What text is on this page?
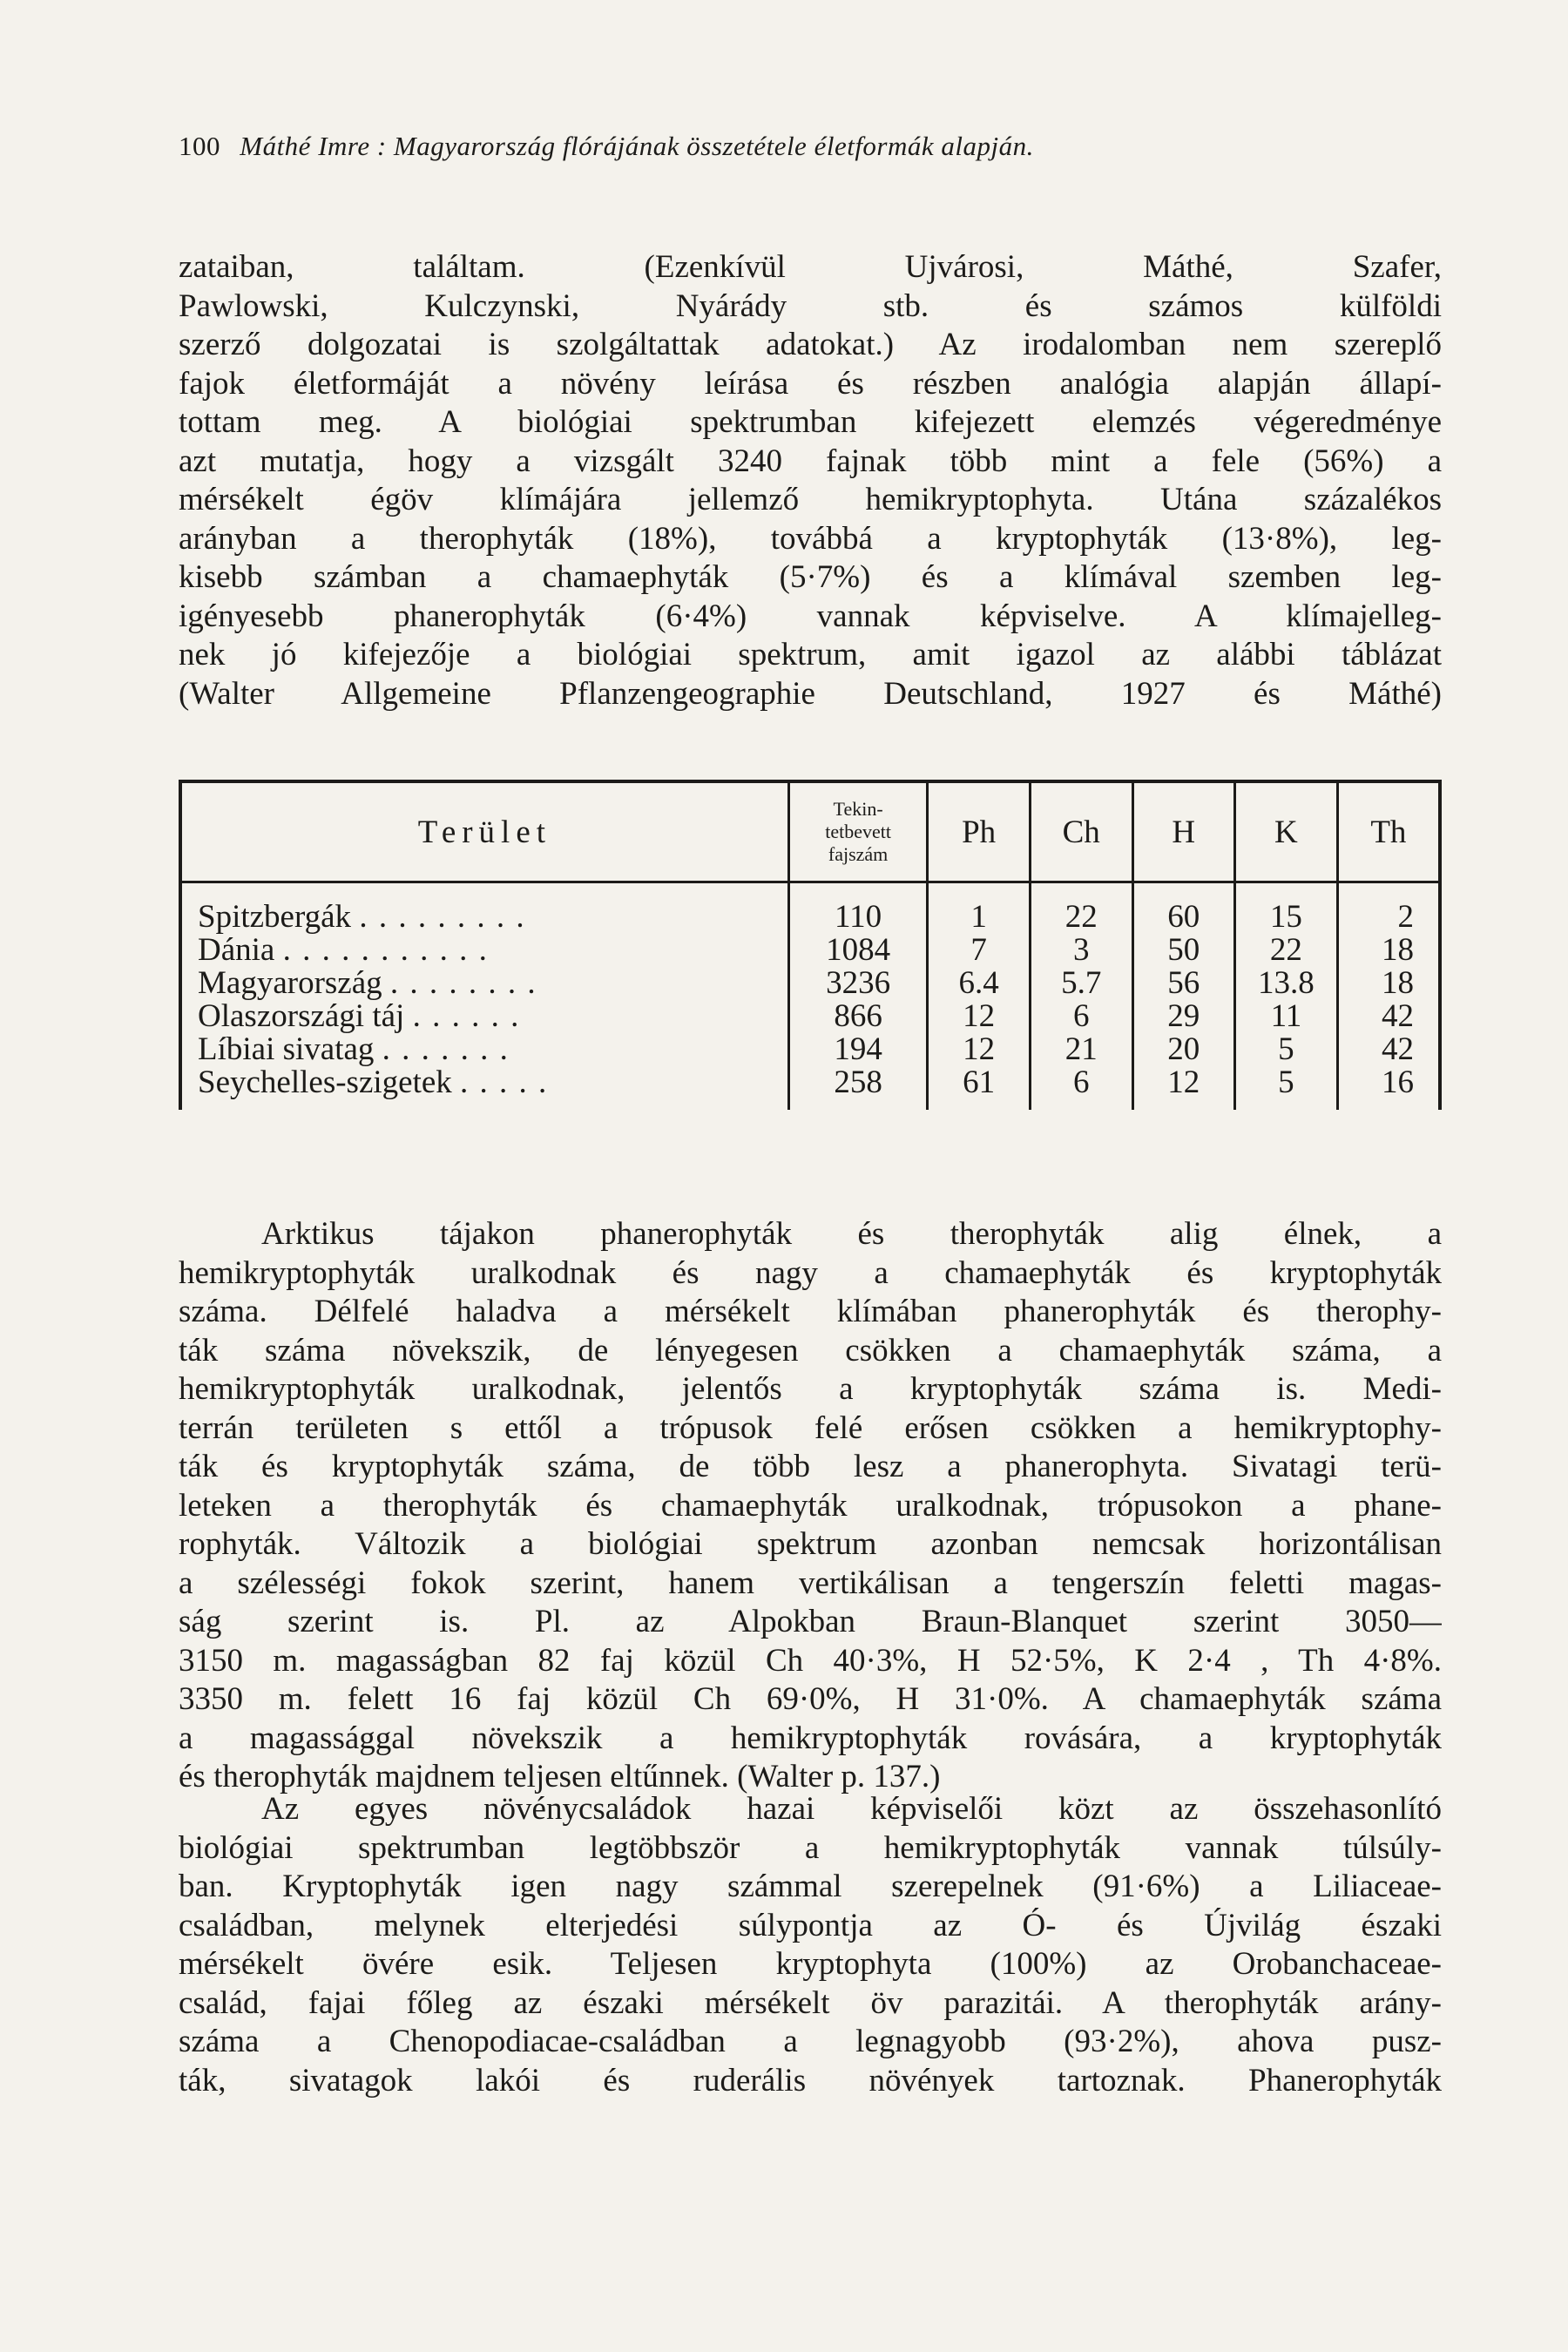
100 Máthé Imre : Magyarország flórájának összetétele életformák alapján.
zataiban, találtam. (Ezenkívül Ujvárosi, Máthé, Szafer,
Pawlowski, Kulczynski, Nyárády stb. és számos külföldi
szerző dolgozatai is szolgáltattak adatokat.) Az irodalomban nem szereplő
fajok életformáját a növény leírása és részben analógia alapján állapí-
tottam meg. A biológiai spektrumban kifejezett elemzés végeredménye
azt mutatja, hogy a vizsgált 3240 fajnak több mint a fele (56%) a
mérsékelt égöv klímájára jellemző hemikryptophyta. Utána százalékos
arányban a therophyták (18%), továbbá a kryptophyták (13·8%), leg-
kisebb számban a chamaephyták (5·7%) és a klímával szemben leg-
igényesebb phanerophyták (6·4%) vannak képviselve. A klímajelleg-
nek jó kifejezője a biológiai spektrum, amit igazol az alábbi táblázat
(Walter Allgemeine Pflanzengeographie Deutschland, 1927 és Máthé)
Terület	Tekin-
tetbevett
fajszám	Ph	Ch	H	K	Th
Spitzbergák . . . . . . . . .	110	1	22	60	15	2
Dánia . . . . . . . . . . .	1084	7	3	50	22	18
Magyarország . . . . . . . .	3236	6.4	5.7	56	13.8	18
Olaszországi táj . . . . . .	866	12	6	29	11	42
Líbiai sivatag . . . . . . .	194	12	21	20	5	42
Seychelles-szigetek . . . . .	258	61	6	12	5	16
Arktikus tájakon phanerophyták és therophyták alig élnek, a
hemikryptophyták uralkodnak és nagy a chamaephyták és kryptophyták
száma. Délfelé haladva a mérsékelt klímában phanerophyták és therophy-
ták száma növekszik, de lényegesen csökken a chamaephyták száma, a
hemikryptophyták uralkodnak, jelentős a kryptophyták száma is. Medi-
terrán területen s ettől a trópusok felé erősen csökken a hemikryptophy-
ták és kryptophyták száma, de több lesz a phanerophyta. Sivatagi terü-
leteken a therophyták és chamaephyták uralkodnak, trópusokon a phane-
rophyták. Változik a biológiai spektrum azonban nemcsak horizontálisan
a szélességi fokok szerint, hanem vertikálisan a tengerszín feletti magas-
ság szerint is. Pl. az Alpokban Braun-Blanquet szerint 3050—
3150 m. magasságban 82 faj közül Ch 40·3%, H 52·5%, K 2·4 , Th 4·8%.
3350 m. felett 16 faj közül Ch 69·0%, H 31·0%. A chamaephyták száma
a magassággal növekszik a hemikryptophyták rovására, a kryptophyták
és therophyták majdnem teljesen eltűnnek. (Walter p. 137.)
Az egyes növénycsaládok hazai képviselői közt az összehasonlító
biológiai spektrumban legtöbbször a hemikryptophyták vannak túlsúly-
ban. Kryptophyták igen nagy számmal szerepelnek (91·6%) a Liliaceae-
családban, melynek elterjedési súlypontja az Ó- és Újvilág északi
mérsékelt övére esik. Teljesen kryptophyta (100%) az Orobanchaceae-
család, fajai főleg az északi mérsékelt öv parazitái. A therophyták arány-
száma a Chenopodiacae-családban a legnagyobb (93·2%), ahova pusz-
ták, sivatagok lakói és ruderális növények tartoznak. Phanerophyták
